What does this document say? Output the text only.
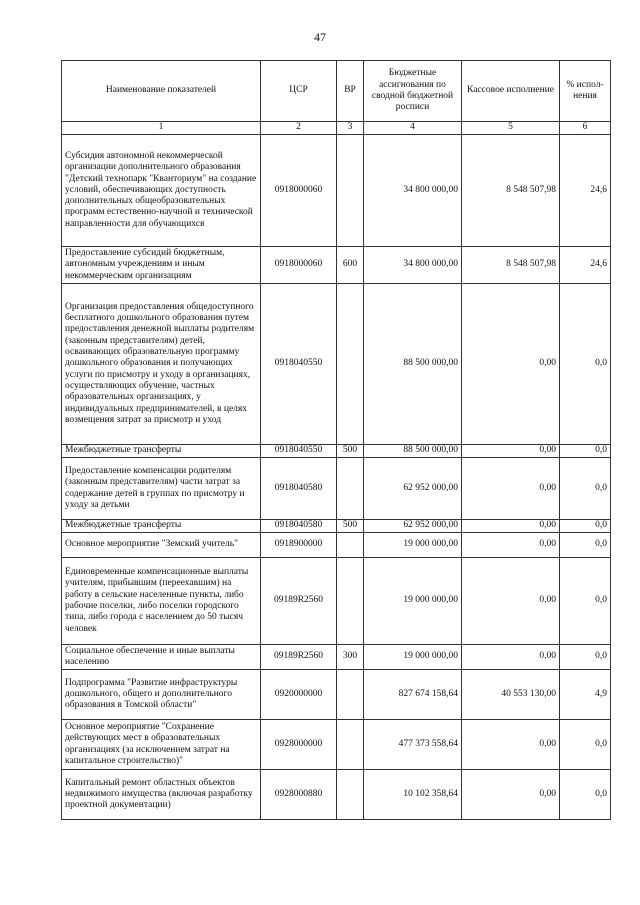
47
Наименование показателей	ЦСР	ВР	Бюджетные ассигнования по сводной бюджетной росписи	Кассовое исполнение	% испол-нения
1	2	3	4	5	6
Субсидия автономной некоммерческой организации дополнительного образования "Детский технопарк "Кванториум" на создание условий, обеспечивающих доступность дополнительных общеобразовательных программ естественно-научной и технической направленности для обучающихся	0918000060		34 800 000,00	8 548 507,98	24,6
Предоставление субсидий бюджетным, автономным учреждениям и иным некоммерческим организациям	0918000060	600	34 800 000,00	8 548 507,98	24,6
Организация предоставления общедоступного бесплатного дошкольного образования путем предоставления денежной выплаты родителям (законным представителям) детей, осваивающих образовательную программу дошкольного образования и получающих услуги по присмотру и уходу в организациях, осуществляющих обучение, частных образовательных организациях, у индивидуальных предпринимателей, в целях возмещения затрат за присмотр и уход	0918040550		88 500 000,00	0,00	0,0
Межбюджетные трансферты	0918040550	500	88 500 000,00	0,00	0,0
Предоставление компенсации родителям (законным представителям) части затрат за содержание детей в группах по присмотру и уходу за детьми	0918040580		62 952 000,00	0,00	0,0
Межбюджетные трансферты	0918040580	500	62 952 000,00	0,00	0,0
Основное мероприятие "Земский учитель"	0918900000		19 000 000,00	0,00	0,0
Единовременные компенсационные выплаты учителям, прибывшим (переехавшим) на работу в сельские населенные пункты, либо рабочие поселки, либо поселки городского типа, либо города с населением до 50 тысяч человек	09189R2560		19 000 000,00	0,00	0,0
Социальное обеспечение и иные выплаты населению	09189R2560	300	19 000 000,00	0,00	0,0
Подпрограмма "Развитие инфраструктуры дошкольного, общего и дополнительного образования в Томской области"	0920000000		827 674 158,64	40 553 130,00	4,9
Основное мероприятие "Сохранение действующих мест в образовательных организациях (за исключением затрат на капитальное строительство)"	0928000000		477 373 558,64	0,00	0,0
Капитальный ремонт областных объектов недвижимого имущества (включая разработку проектной документации)	0928000880		10 102 358,64	0,00	0,0
